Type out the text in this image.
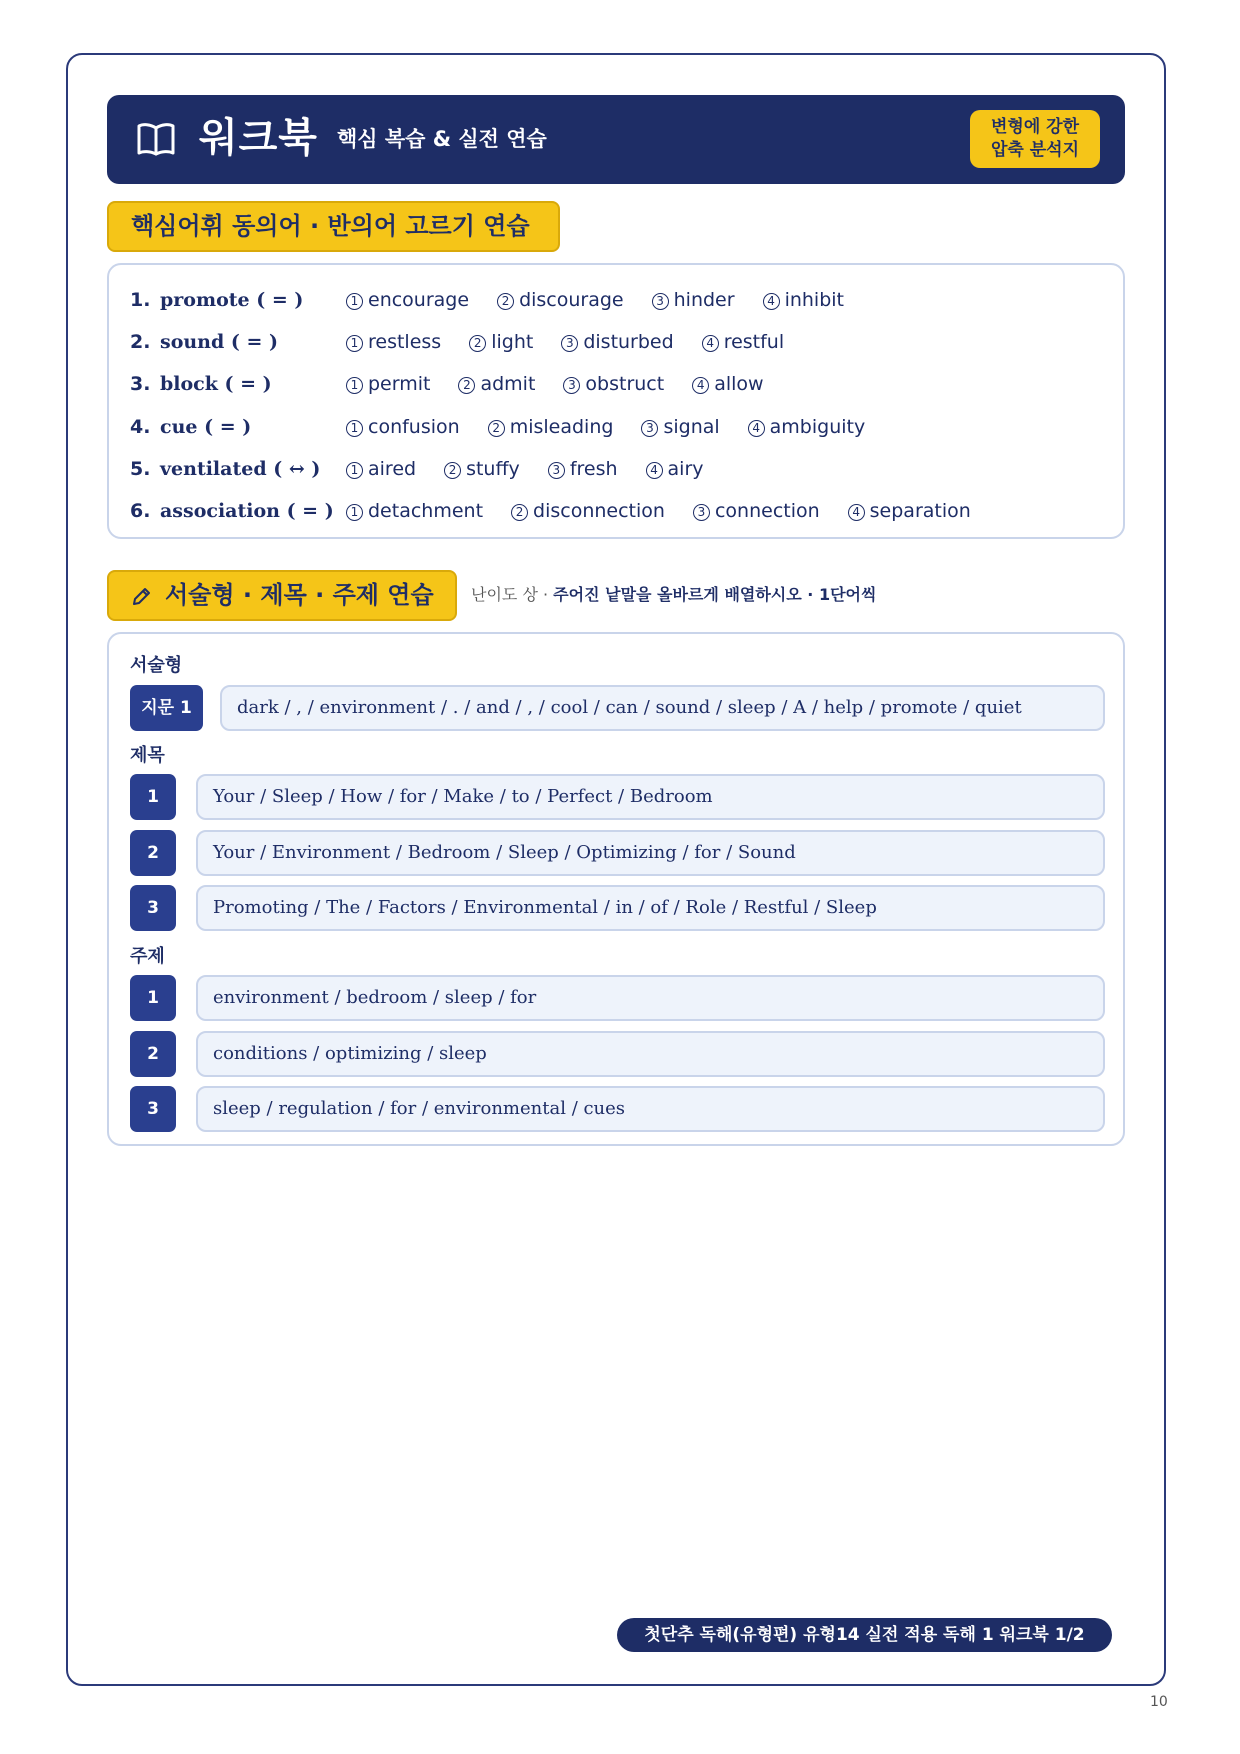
워크북 핵심 복습 & 실전 연습	변형에 강한
압축 분석지
핵심어휘 동의어 · 반의어 고르기 연습
1. promote ( = )	1 encourage	2 discourage	3 hinder	4 inhibit
2. sound ( = )	1 restless	2 light	3 disturbed	4 restful
3. block ( = )	1 permit	2 admit	3 obstruct	4 allow
4. cue ( = )	1 confusion	2 misleading	3 signal	4 ambiguity
5. ventilated ( ↔ )	1 aired	2 stuffy	3 fresh	4 airy
6. association ( = )	1 detachment	2 disconnection	3 connection	4 separation
서술형 · 제목 · 주제 연습 난이도 상 · 주어진 낱말을 올바르게 배열하시오 · 1단어씩
서술형
지문 1	dark / , / environment / . / and / , / cool / can / sound / sleep / A / help / promote / quiet
제목
1	Your / Sleep / How / for / Make / to / Perfect / Bedroom
2	Your / Environment / Bedroom / Sleep / Optimizing / for / Sound
3	Promoting / The / Factors / Environmental / in / of / Role / Restful / Sleep
주제
1	environment / bedroom / sleep / for
2	conditions / optimizing / sleep
3	sleep / regulation / for / environmental / cues
첫단추 독해(유형편) 유형14 실전 적용 독해 1 워크북 1/2
10
